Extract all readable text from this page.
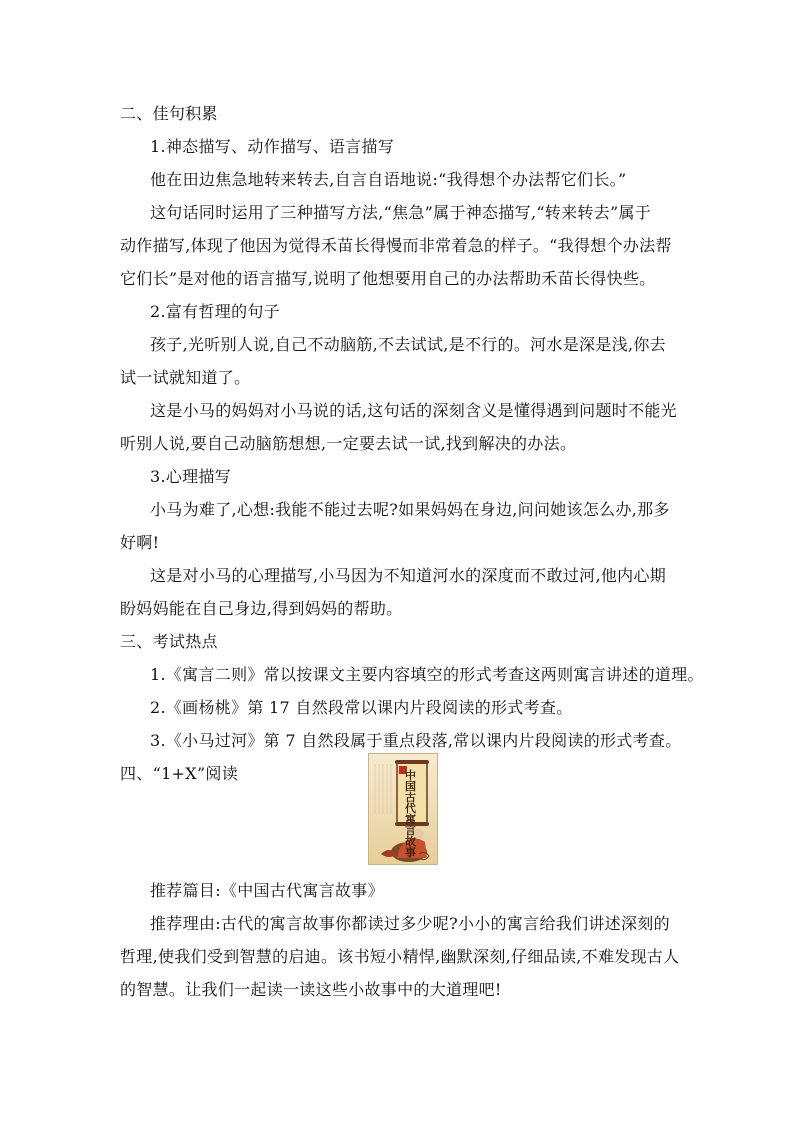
二、佳句积累
1.神态描写、动作描写、语言描写
他在田边焦急地转来转去,自言自语地说:“我得想个办法帮它们长。”
这句话同时运用了三种描写方法,“焦急”属于神态描写,“转来转去”属于
动作描写,体现了他因为觉得禾苗长得慢而非常着急的样子。“我得想个办法帮
它们长”是对他的语言描写,说明了他想要用自己的办法帮助禾苗长得快些。
2.富有哲理的句子
孩子,光听别人说,自己不动脑筋,不去试试,是不行的。河水是深是浅,你去
试一试就知道了。
这是小马的妈妈对小马说的话,这句话的深刻含义是懂得遇到问题时不能光
听别人说,要自己动脑筋想想,一定要去试一试,找到解决的办法。
3.心理描写
小马为难了,心想:我能不能过去呢?如果妈妈在身边,问问她该怎么办,那多
好啊!
这是对小马的心理描写,小马因为不知道河水的深度而不敢过河,他内心期
盼妈妈能在自己身边,得到妈妈的帮助。
三、考试热点
1.《寓言二则》常以按课文主要内容填空的形式考查这两则寓言讲述的道理。
2.《画杨桃》第 17 自然段常以课内片段阅读的形式考查。
3.《小马过河》第 7 自然段属于重点段落,常以课内片段阅读的形式考查。
四、“1+X”阅读	中国古代寓言故事
推荐篇目:《中国古代寓言故事》
推荐理由:古代的寓言故事你都读过多少呢?小小的寓言给我们讲述深刻的
哲理,使我们受到智慧的启迪。该书短小精悍,幽默深刻,仔细品读,不难发现古人
的智慧。让我们一起读一读这些小故事中的大道理吧!
